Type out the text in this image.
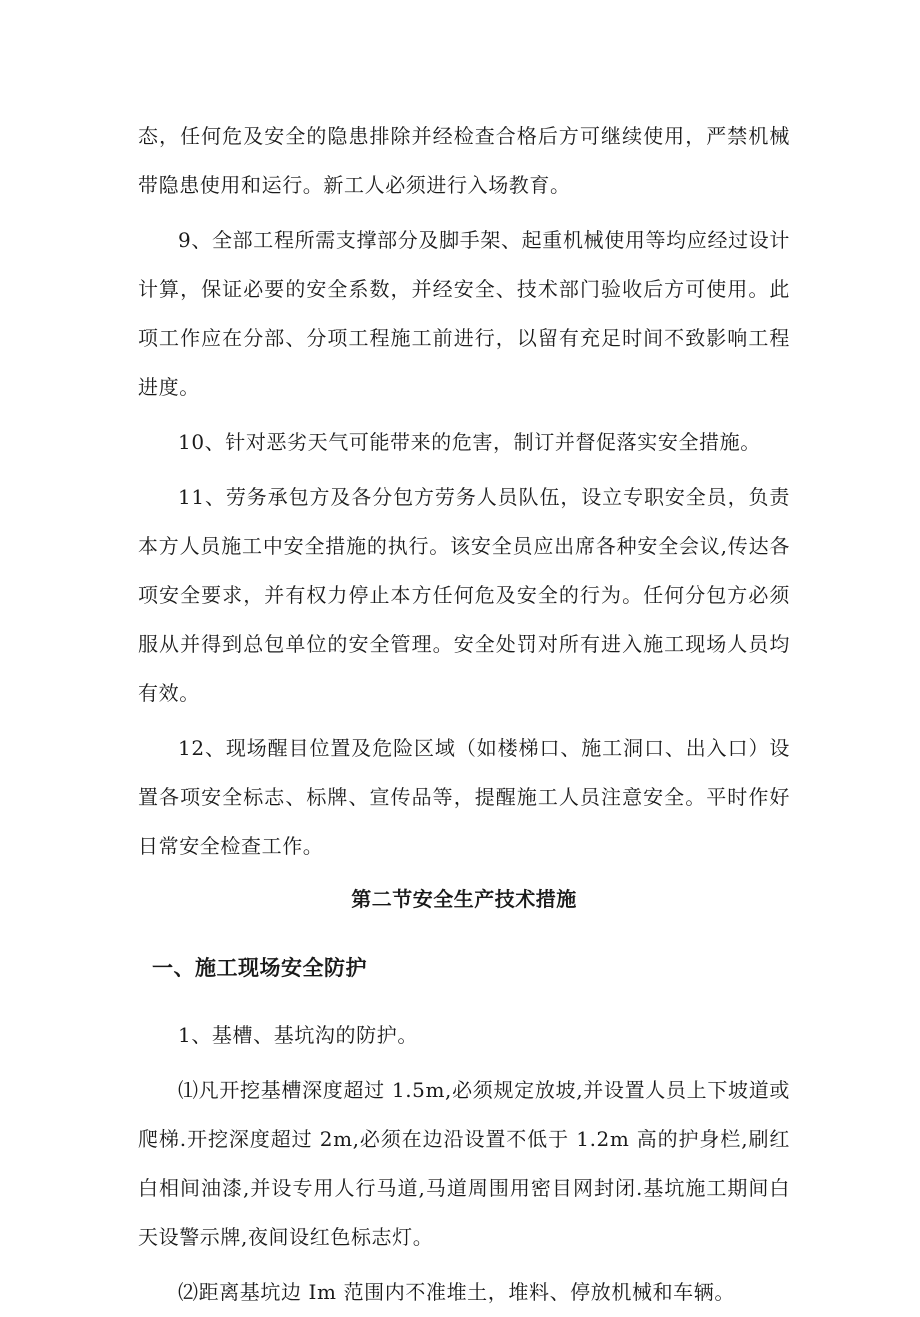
态，任何危及安全的隐患排除并经检查合格后方可继续使用，严禁机械带隐患使用和运行。新工人必须进行入场教育。

9、全部工程所需支撑部分及脚手架、起重机械使用等均应经过设计计算，保证必要的安全系数，并经安全、技术部门验收后方可使用。此项工作应在分部、分项工程施工前进行，以留有充足时间不致影响工程进度。

10、针对恶劣天气可能带来的危害，制订并督促落实安全措施。

11、劳务承包方及各分包方劳务人员队伍，设立专职安全员，负责本方人员施工中安全措施的执行。该安全员应出席各种安全会议,传达各项安全要求，并有权力停止本方任何危及安全的行为。任何分包方必须服从并得到总包单位的安全管理。安全处罚对所有进入施工现场人员均有效。

12、现场醒目位置及危险区域（如楼梯口、施工洞口、出入口）设置各项安全标志、标牌、宣传品等，提醒施工人员注意安全。平时作好日常安全检查工作。

第二节安全生产技术措施
一、施工现场安全防护

1、基槽、基坑沟的防护。

⑴凡开挖基槽深度超过 1.5m,必须规定放坡,并设置人员上下坡道或爬梯.开挖深度超过 2m,必须在边沿设置不低于 1.2m 高的护身栏,刷红白相间油漆,并设专用人行马道,马道周围用密目网封闭.基坑施工期间白天设警示牌,夜间设红色标志灯。

⑵距离基坑边 Im 范围内不准堆土，堆料、停放机械和车辆。
